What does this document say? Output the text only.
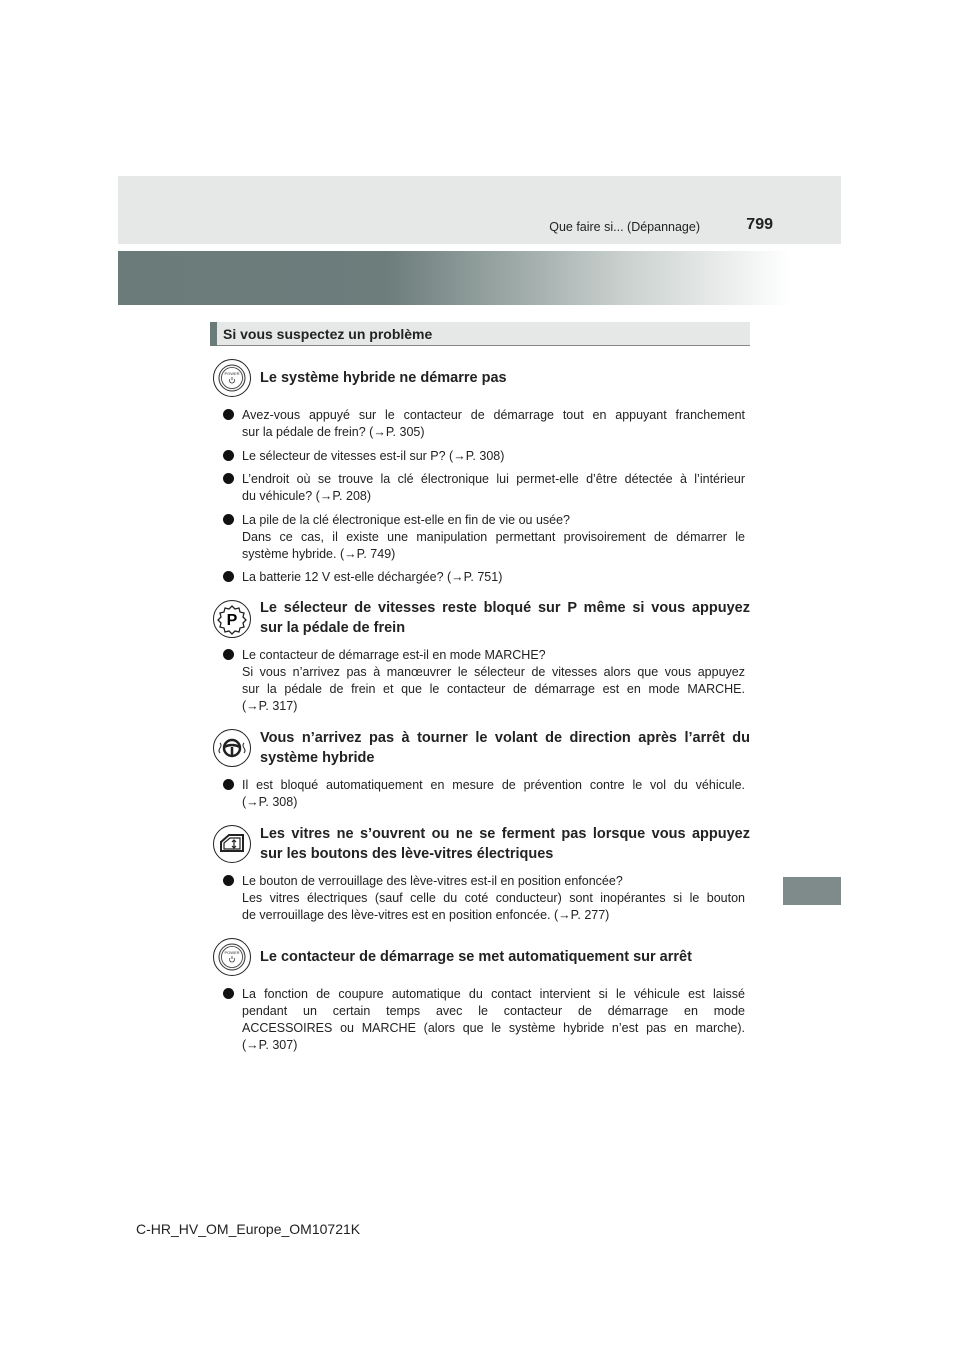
Que faire si... (Dépannage)	799
Si vous suspectez un problème
POWER Le système hybride ne démarre pas
Avez-vous appuyé sur le contacteur de démarrage tout en appuyant franchement
sur la pédale de frein? (→P. 305)
Le sélecteur de vitesses est-il sur P? (→P. 308)
L’endroit où se trouve la clé électronique lui permet-elle d’être détectée à l’intérieur
du véhicule? (→P. 208)
La pile de la clé électronique est-elle en fin de vie ou usée?
Dans ce cas, il existe une manipulation permettant provisoirement de démarrer le
système hybride. (→P. 749)
La batterie 12 V est-elle déchargée? (→P. 751)
P
Le sélecteur de vitesses reste bloqué sur P même si vous appuyez
sur la pédale de frein
Le contacteur de démarrage est-il en mode MARCHE?
Si vous n’arrivez pas à manœuvrer le sélecteur de vitesses alors que vous appuyez
sur la pédale de frein et que le contacteur de démarrage est en mode MARCHE.
(→P. 317)
Vous n’arrivez pas à tourner le volant de direction après l’arrêt du
système hybride
Il est bloqué automatiquement en mesure de prévention contre le vol du véhicule.
(→P. 308)
Les vitres ne s’ouvrent ou ne se ferment pas lorsque vous appuyez
sur les boutons des lève-vitres électriques
Le bouton de verrouillage des lève-vitres est-il en position enfoncée?
Les vitres électriques (sauf celle du coté conducteur) sont inopérantes si le bouton
de verrouillage des lève-vitres est en position enfoncée. (→P. 277)
POWER Le contacteur de démarrage se met automatiquement sur arrêt
La fonction de coupure automatique du contact intervient si le véhicule est laissé
pendant un certain temps avec le contacteur de démarrage en mode
ACCESSOIRES ou MARCHE (alors que le système hybride n’est pas en marche).
(→P. 307)
C-HR_HV_OM_Europe_OM10721K
